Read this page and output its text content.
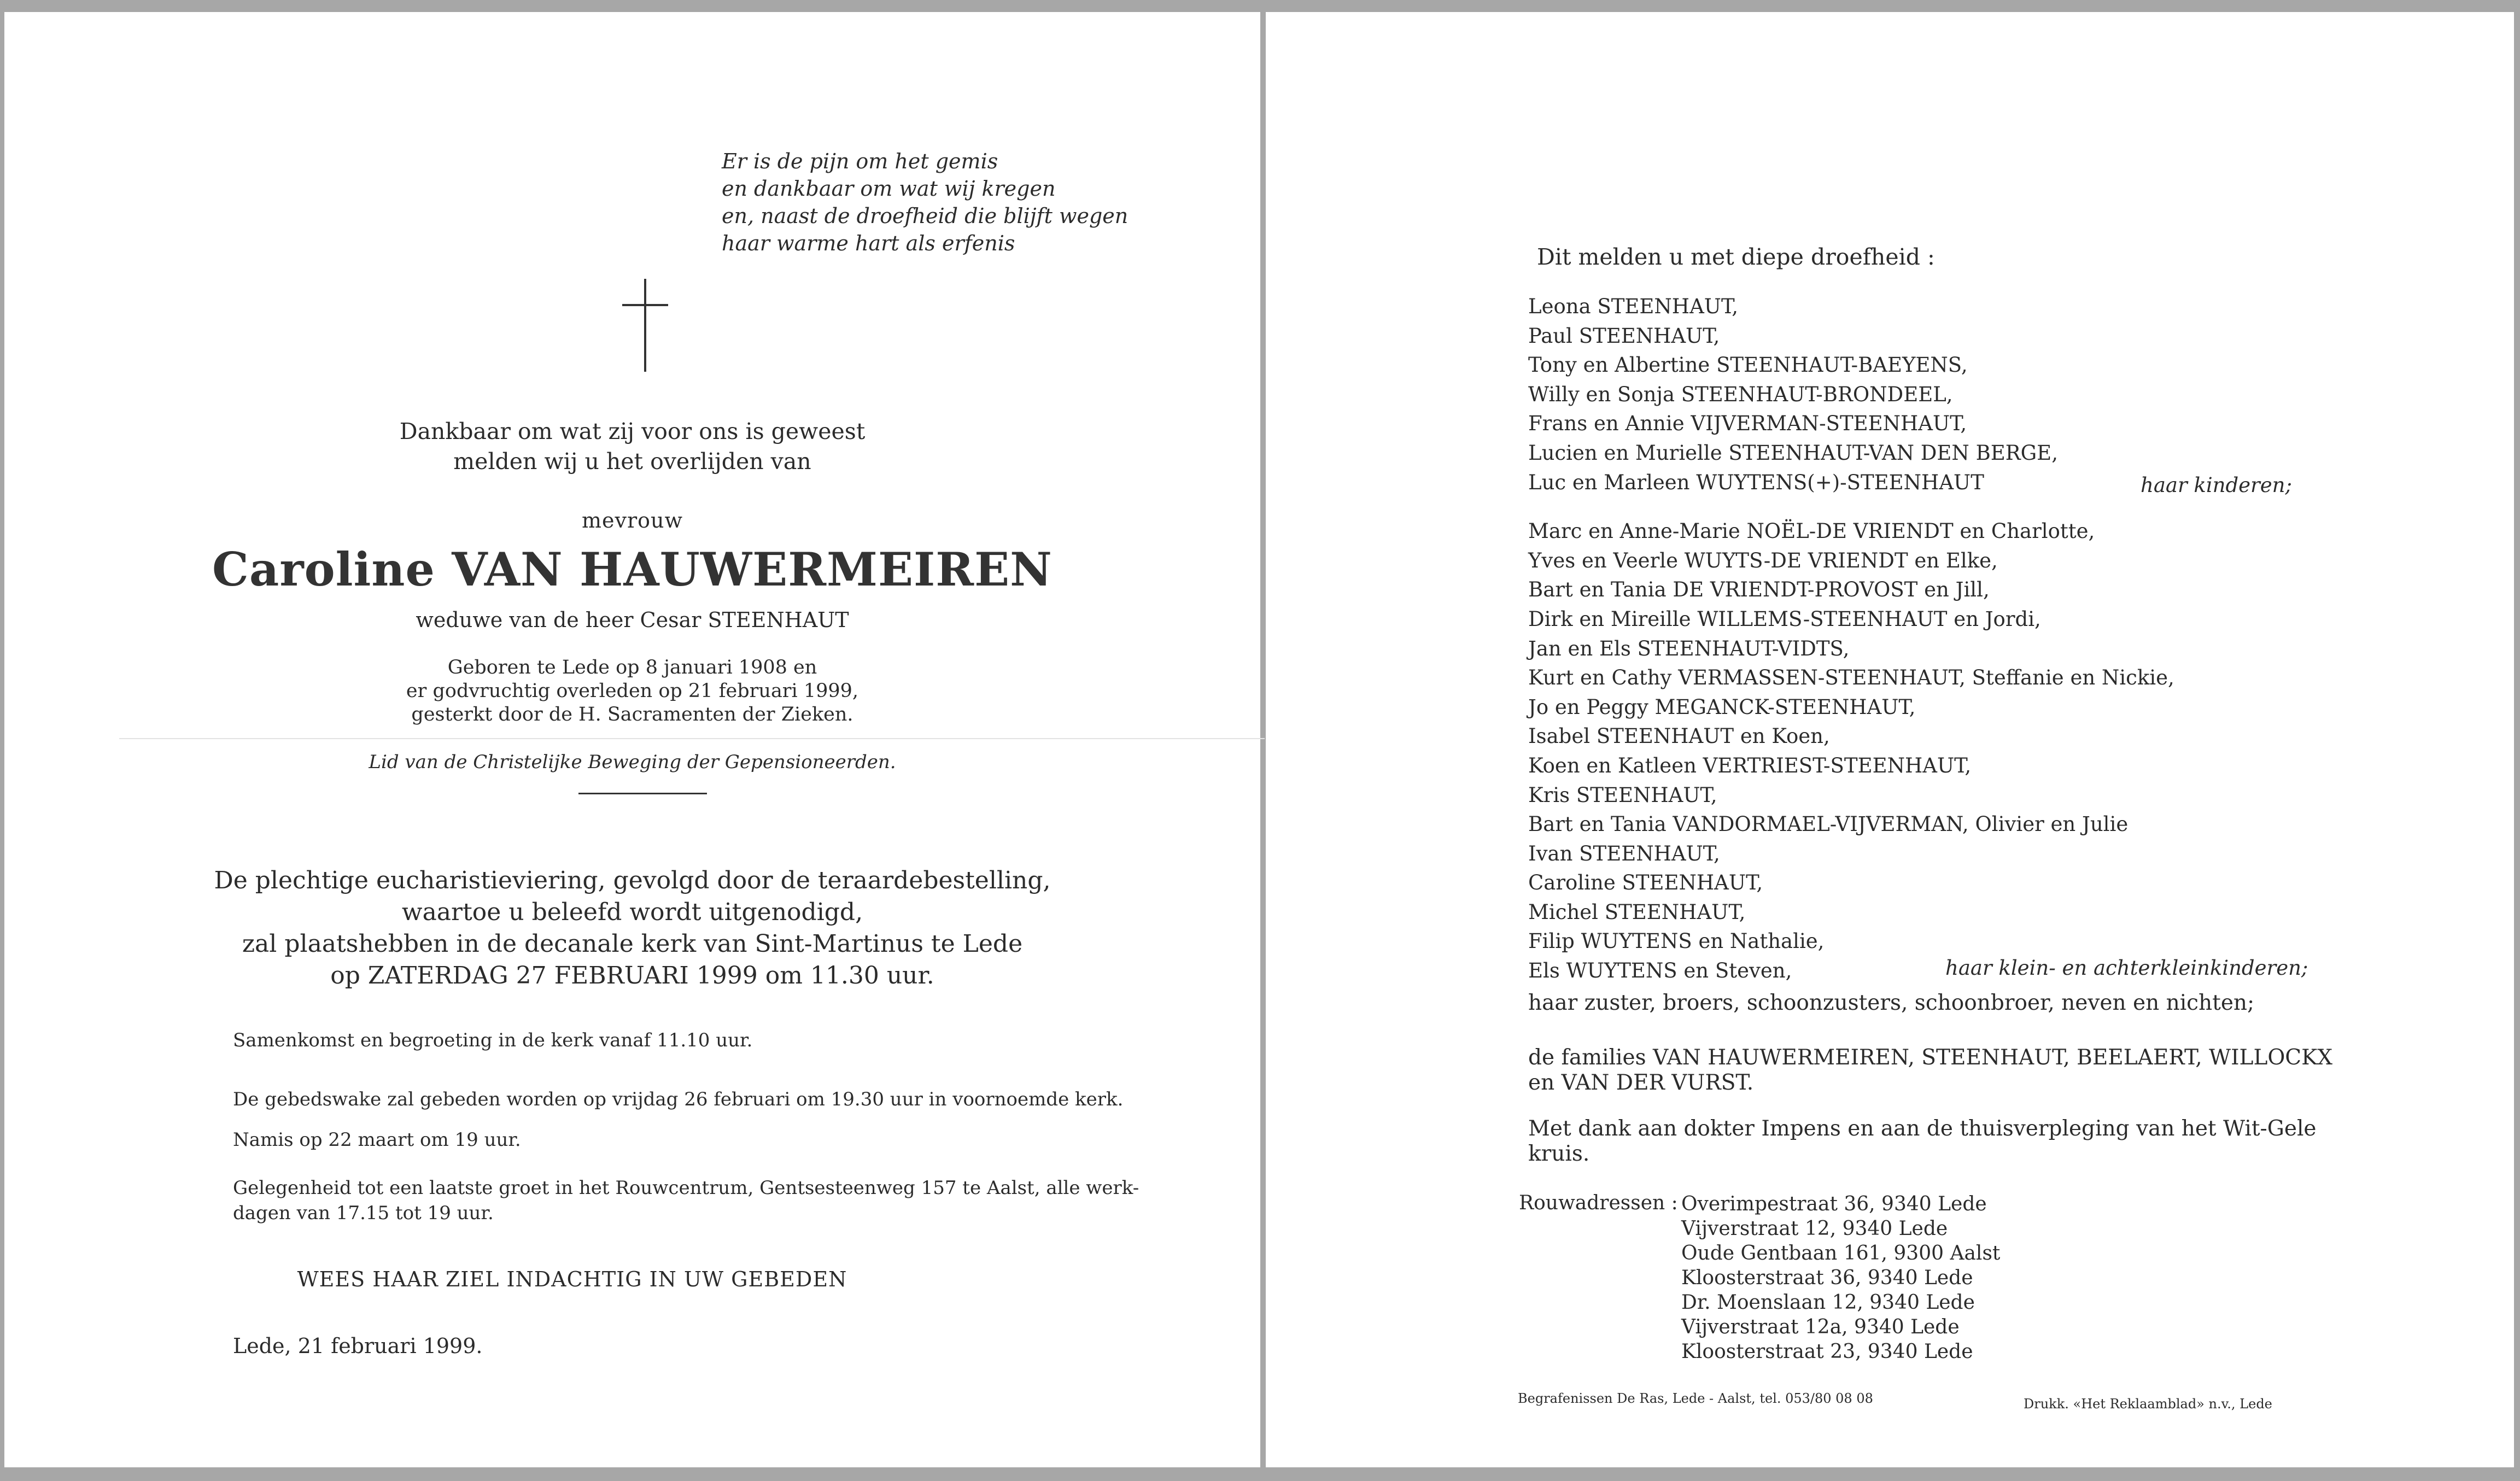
Er is de pijn om het gemis
en dankbaar om wat wij kregen
en, naast de droefheid die blijft wegen
haar warme hart als erfenis
Dankbaar om wat zij voor ons is geweest
melden wij u het overlijden van
mevrouw
Caroline VAN HAUWERMEIREN
weduwe van de heer Cesar STEENHAUT
Geboren te Lede op 8 januari 1908 en
er godvruchtig overleden op 21 februari 1999,
gesterkt door de H. Sacramenten der Zieken.
Lid van de Christelijke Beweging der Gepensioneerden.
De plechtige eucharistieviering, gevolgd door de teraardebestelling,
waartoe u beleefd wordt uitgenodigd,
zal plaatshebben in de decanale kerk van Sint-Martinus te Lede
op ZATERDAG 27 FEBRUARI 1999 om 11.30 uur.
Samenkomst en begroeting in de kerk vanaf 11.10 uur.
De gebedswake zal gebeden worden op vrijdag 26 februari om 19.30 uur in voornoemde kerk.
Namis op 22 maart om 19 uur.
Gelegenheid tot een laatste groet in het Rouwcentrum, Gentsesteenweg 157 te Aalst, alle werk-
dagen van 17.15 tot 19 uur.
WEES HAAR ZIEL INDACHTIG IN UW GEBEDEN
Lede, 21 februari 1999.
Dit melden u met diepe droefheid :
Leona STEENHAUT,
Paul STEENHAUT,
Tony en Albertine STEENHAUT-BAEYENS,
Willy en Sonja STEENHAUT-BRONDEEL,
Frans en Annie VIJVERMAN-STEENHAUT,
Lucien en Murielle STEENHAUT-VAN DEN BERGE,
Luc en Marleen WUYTENS(+)-STEENHAUT
Marc en Anne-Marie NOËL-DE VRIENDT en Charlotte,
Yves en Veerle WUYTS-DE VRIENDT en Elke,
Bart en Tania DE VRIENDT-PROVOST en Jill,
Dirk en Mireille WILLEMS-STEENHAUT en Jordi,
Jan en Els STEENHAUT-VIDTS,
Kurt en Cathy VERMASSEN-STEENHAUT, Steffanie en Nickie,
Jo en Peggy MEGANCK-STEENHAUT,
Isabel STEENHAUT en Koen,
Koen en Katleen VERTRIEST-STEENHAUT,
Kris STEENHAUT,
Bart en Tania VANDORMAEL-VIJVERMAN, Olivier en Julie
Ivan STEENHAUT,
Caroline STEENHAUT,
Michel STEENHAUT,
Filip WUYTENS en Nathalie,
Els WUYTENS en Steven,
haar kinderen;
haar klein- en achterkleinkinderen;
haar zuster, broers, schoonzusters, schoonbroer, neven en nichten;
de families VAN HAUWERMEIREN, STEENHAUT, BEELAERT, WILLOCKX
en VAN DER VURST.
Met dank aan dokter Impens en aan de thuisverpleging van het Wit-Gele
kruis.
Rouwadressen : Overimpestraat 36, 9340 Lede
Vijverstraat 12, 9340 Lede
Oude Gentbaan 161, 9300 Aalst
Kloosterstraat 36, 9340 Lede
Dr. Moenslaan 12, 9340 Lede
Vijverstraat 12a, 9340 Lede
Kloosterstraat 23, 9340 Lede
Begrafenissen De Ras, Lede - Aalst, tel. 053/80 08 08	Drukk. «Het Reklaamblad» n.v., Lede
